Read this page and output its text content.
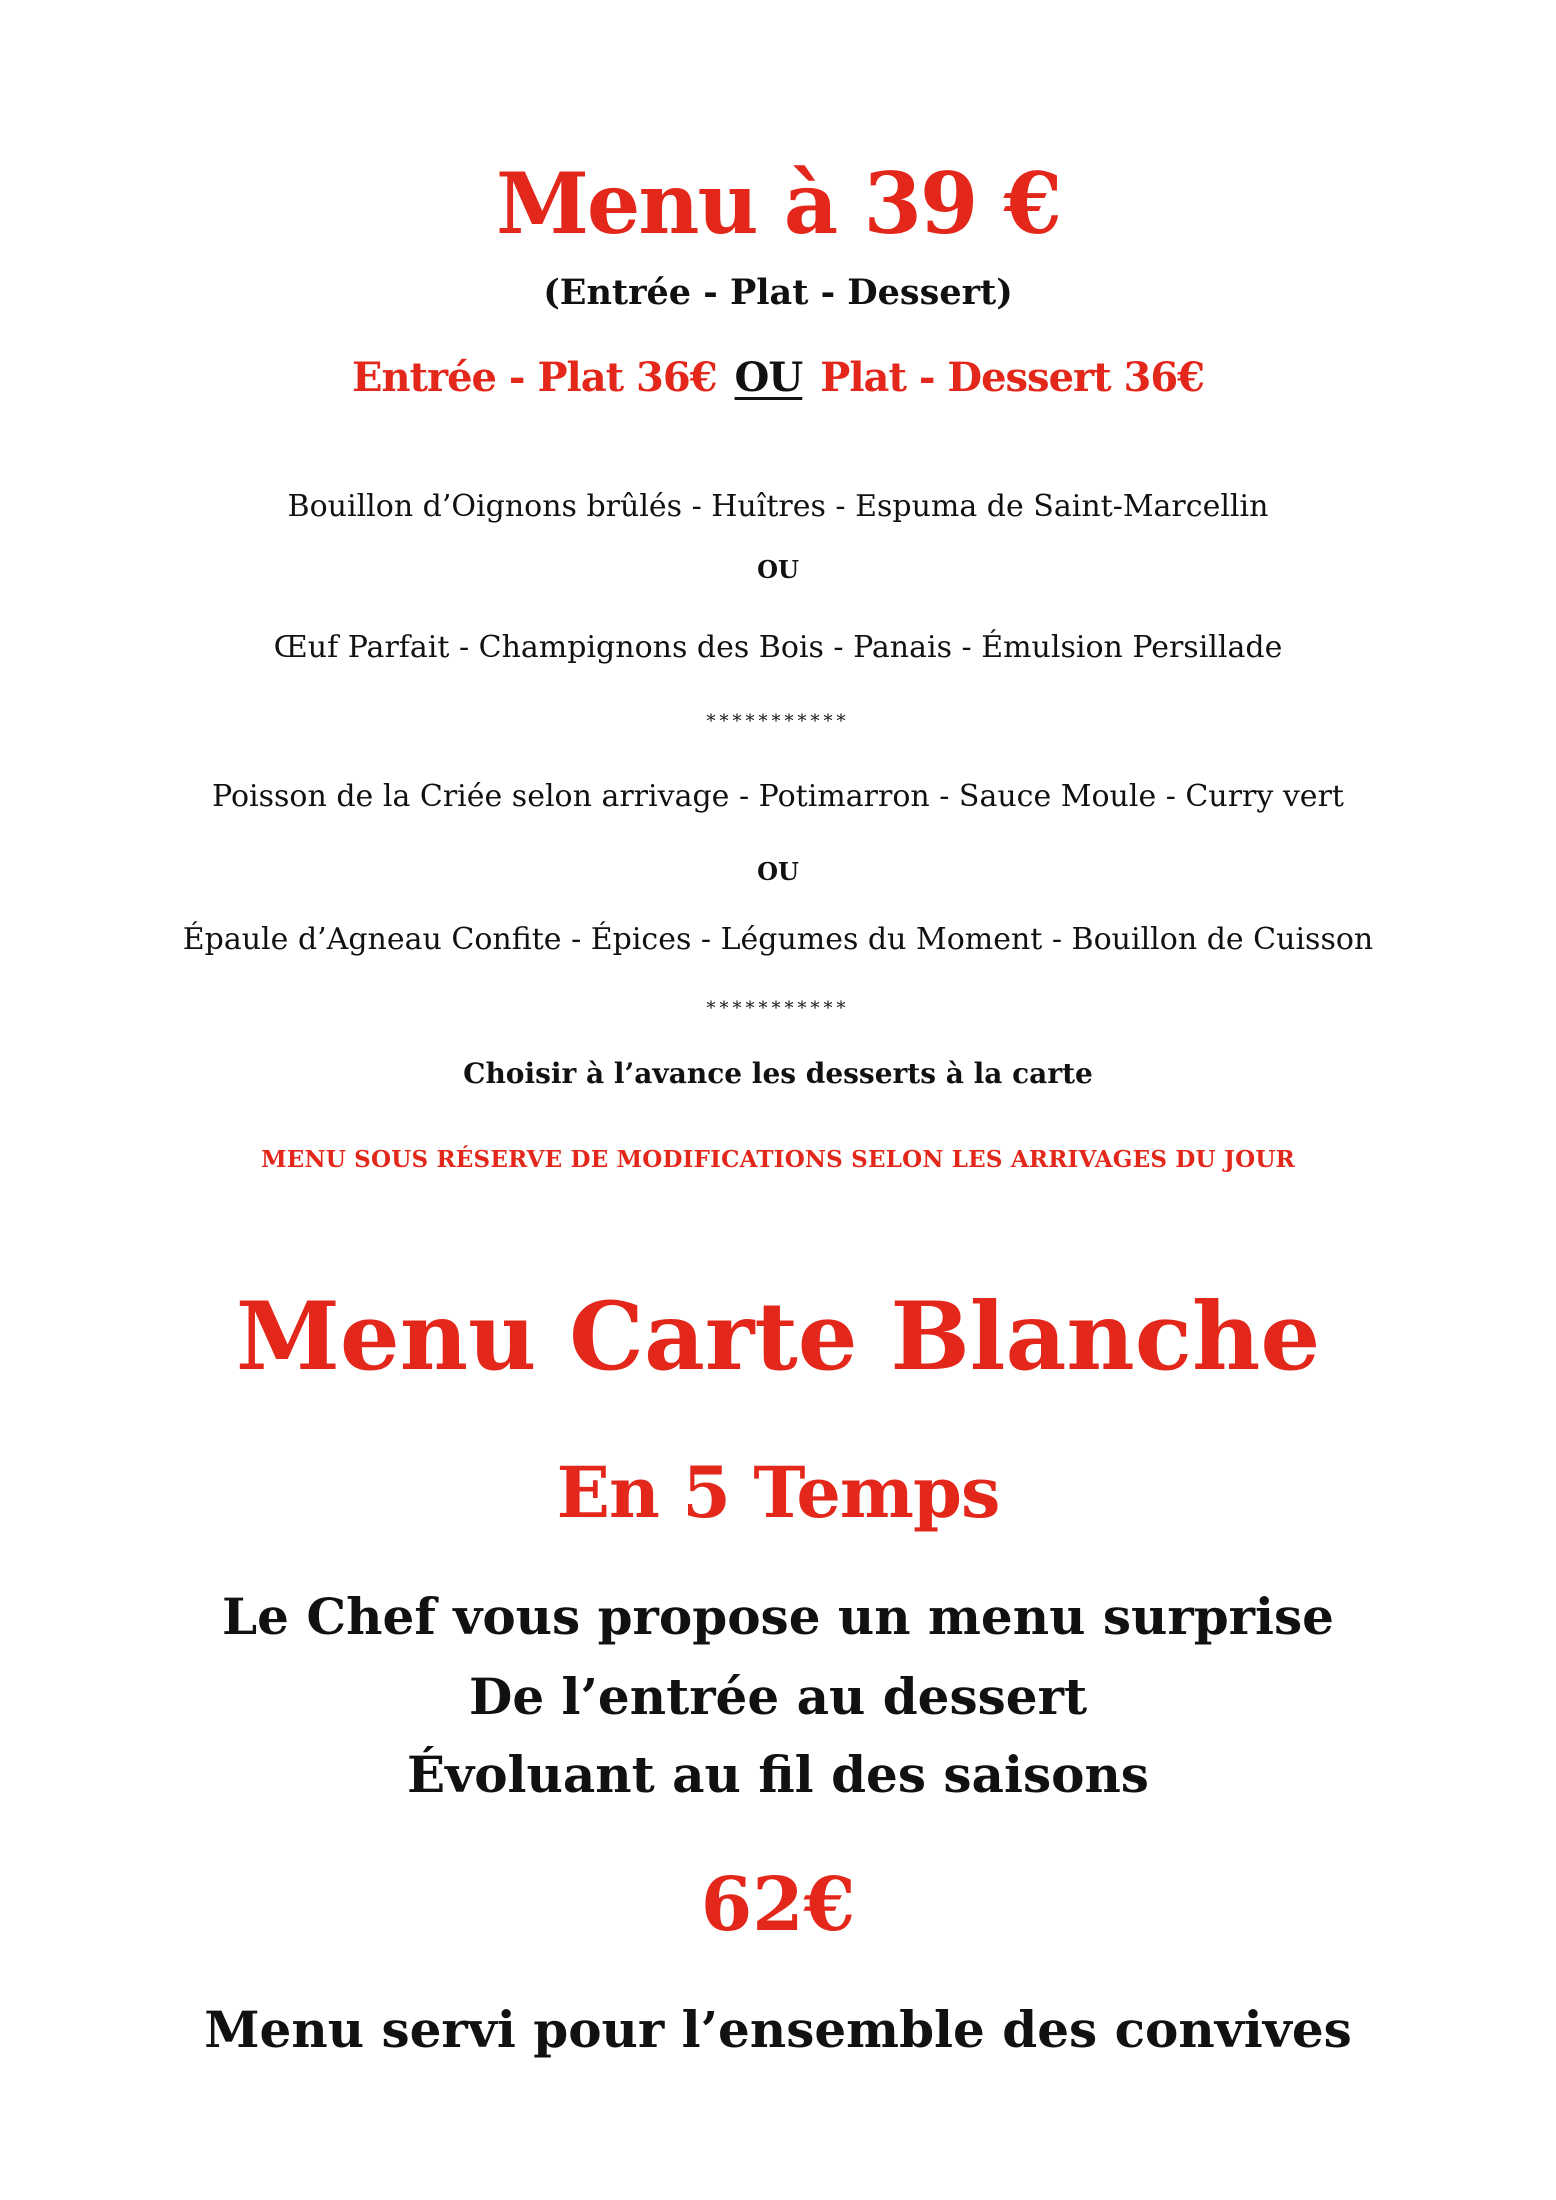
Menu à 39 €

(Entrée - Plat - Dessert)

Entrée - Plat 36€ OU Plat - Dessert 36€

Bouillon d’Oignons brûlés - Huîtres - Espuma de Saint-Marcellin

OU

Œuf Parfait - Champignons des Bois - Panais - Émulsion Persillade

***********

Poisson de la Criée selon arrivage - Potimarron - Sauce Moule - Curry vert

OU

Épaule d’Agneau Confite - Épices - Légumes du Moment - Bouillon de Cuisson

***********

Choisir à l’avance les desserts à la carte

MENU SOUS RÉSERVE DE MODIFICATIONS SELON LES ARRIVAGES DU JOUR

Menu Carte Blanche

En 5 Temps

Le Chef vous propose un menu surprise

De l’entrée au dessert

Évoluant au fil des saisons

62€

Menu servi pour l’ensemble des convives
